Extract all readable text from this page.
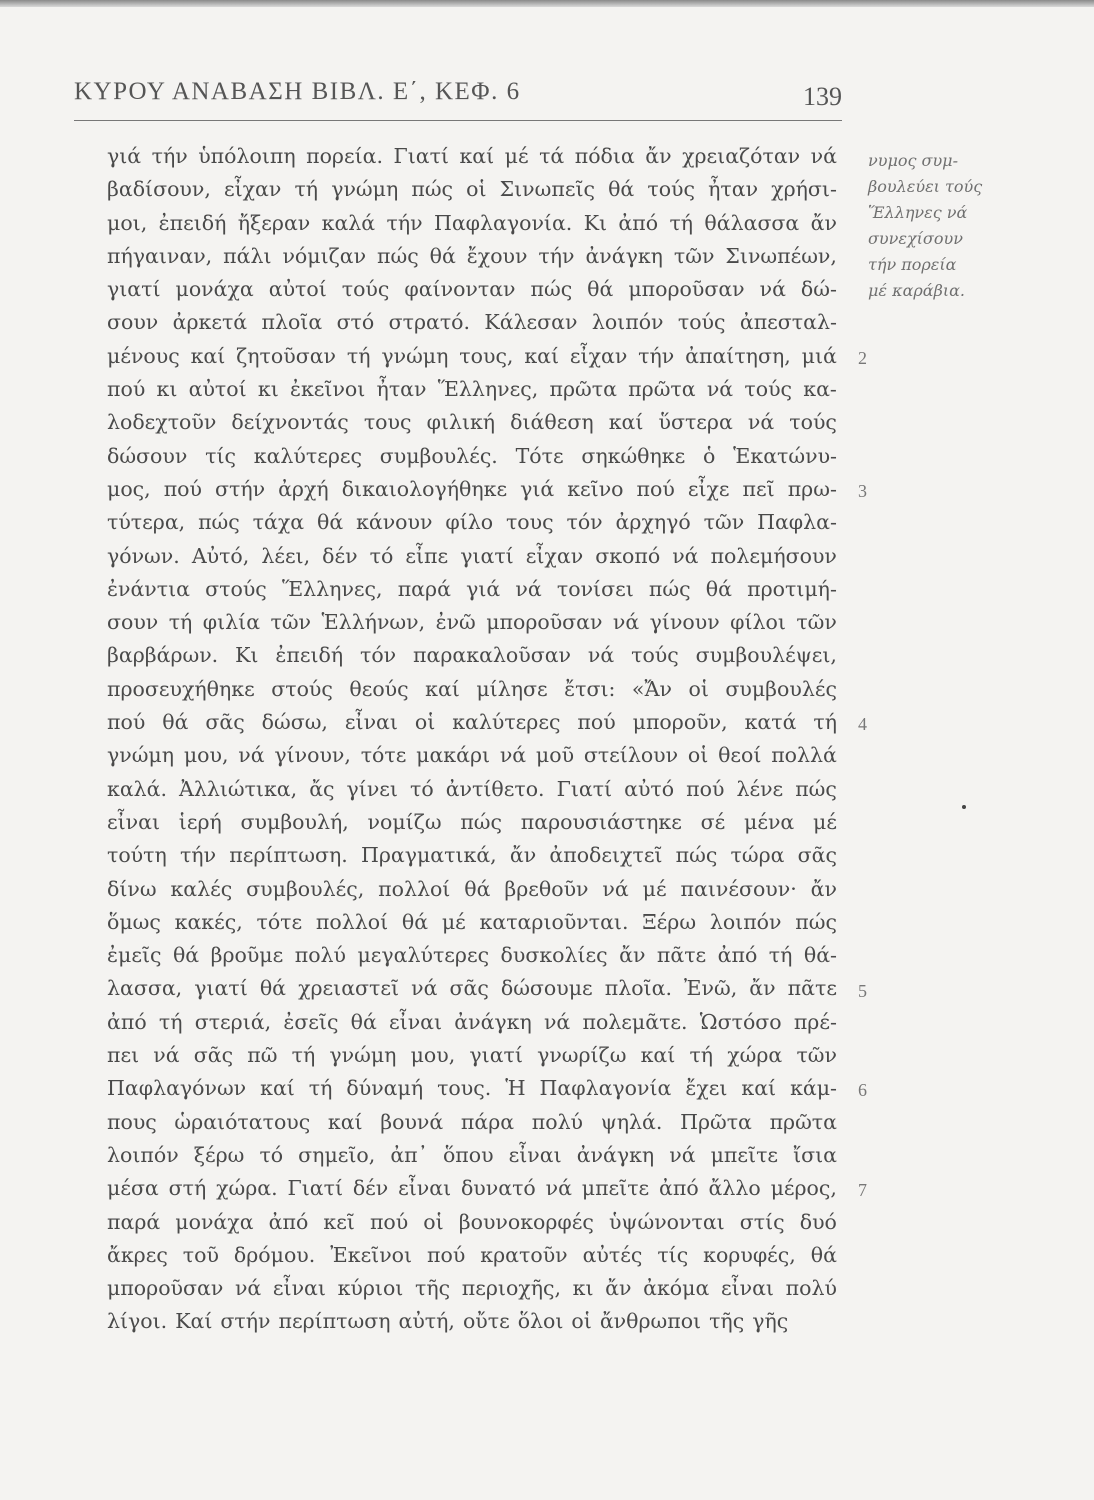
ΚΥΡΟΥ ΑΝΑΒΑΣΗ ΒΙΒΛ. Ε΄, ΚΕΦ. 6	139
γιά τήν ὑπόλοιπη πορεία. Γιατί καί μέ τά πόδια ἄν χρειαζόταν νά
βαδίσουν, εἶχαν τή γνώμη πώς οἱ Σινωπεῖς θά τούς ἦταν χρήσι-
μοι, ἐπειδή ἤξεραν καλά τήν Παφλαγονία. Κι ἀπό τή θάλασσα ἄν
πήγαιναν, πάλι νόμιζαν πώς θά ἔχουν τήν ἀνάγκη τῶν Σινωπέων,
γιατί μονάχα αὐτοί τούς φαίνονταν πώς θά μποροῦσαν νά δώ-
σουν ἀρκετά πλοῖα στό στρατό. Κάλεσαν λοιπόν τούς ἀπεσταλ-
μένους καί ζητοῦσαν τή γνώμη τους, καί εἶχαν τήν ἀπαίτηση, μιά
πού κι αὐτοί κι ἐκεῖνοι ἦταν Ἕλληνες, πρῶτα πρῶτα νά τούς κα-
λοδεχτοῦν δείχνοντάς τους φιλική διάθεση καί ὕστερα νά τούς
δώσουν τίς καλύτερες συμβουλές. Τότε σηκώθηκε ὁ Ἑκατώνυ-
μος, πού στήν ἀρχή δικαιολογήθηκε γιά κεῖνο πού εἶχε πεῖ πρω-
τύτερα, πώς τάχα θά κάνουν φίλο τους τόν ἀρχηγό τῶν Παφλα-
γόνων. Αὐτό, λέει, δέν τό εἶπε γιατί εἶχαν σκοπό νά πολεμήσουν
ἐνάντια στούς Ἕλληνες, παρά γιά νά τονίσει πώς θά προτιμή-
σουν τή φιλία τῶν Ἑλλήνων, ἐνῶ μποροῦσαν νά γίνουν φίλοι τῶν
βαρβάρων. Κι ἐπειδή τόν παρακαλοῦσαν νά τούς συμβουλέψει,
προσευχήθηκε στούς θεούς καί μίλησε ἔτσι: «Ἄν οἱ συμβουλές
πού θά σᾶς δώσω, εἶναι οἱ καλύτερες πού μποροῦν, κατά τή
γνώμη μου, νά γίνουν, τότε μακάρι νά μοῦ στείλουν οἱ θεοί πολλά
καλά. Ἀλλιώτικα, ἄς γίνει τό ἀντίθετο. Γιατί αὐτό πού λένε πώς
εἶναι ἱερή συμβουλή, νομίζω πώς παρουσιάστηκε σέ μένα μέ
τούτη τήν περίπτωση. Πραγματικά, ἄν ἀποδειχτεῖ πώς τώρα σᾶς
δίνω καλές συμβουλές, πολλοί θά βρεθοῦν νά μέ παινέσουν· ἄν
ὅμως κακές, τότε πολλοί θά μέ καταριοῦνται. Ξέρω λοιπόν πώς
ἐμεῖς θά βροῦμε πολύ μεγαλύτερες δυσκολίες ἄν πᾶτε ἀπό τή θά-
λασσα, γιατί θά χρειαστεῖ νά σᾶς δώσουμε πλοῖα. Ἐνῶ, ἄν πᾶτε
ἀπό τή στεριά, ἐσεῖς θά εἶναι ἀνάγκη νά πολεμᾶτε. Ὡστόσο πρέ-
πει νά σᾶς πῶ τή γνώμη μου, γιατί γνωρίζω καί τή χώρα τῶν
Παφλαγόνων καί τή δύναμή τους. Ἡ Παφλαγονία ἔχει καί κάμ-
πους ὡραιότατους καί βουνά πάρα πολύ ψηλά. Πρῶτα πρῶτα
λοιπόν ξέρω τό σημεῖο, ἀπ᾽ ὅπου εἶναι ἀνάγκη νά μπεῖτε ἴσια
μέσα στή χώρα. Γιατί δέν εἶναι δυνατό νά μπεῖτε ἀπό ἄλλο μέρος,
παρά μονάχα ἀπό κεῖ πού οἱ βουνοκορφές ὑψώνονται στίς δυό
ἄκρες τοῦ δρόμου. Ἐκεῖνοι πού κρατοῦν αὐτές τίς κορυφές, θά
μποροῦσαν νά εἶναι κύριοι τῆς περιοχῆς, κι ἄν ἀκόμα εἶναι πολύ
λίγοι. Καί στήν περίπτωση αὐτή, οὔτε ὅλοι οἱ ἄνθρωποι τῆς γῆς
νυμος συμ-
βουλεύει τούς
Ἕλληνες νά
συνεχίσουν
τήν πορεία
μέ καράβια.
2
3
4
5
6
7
